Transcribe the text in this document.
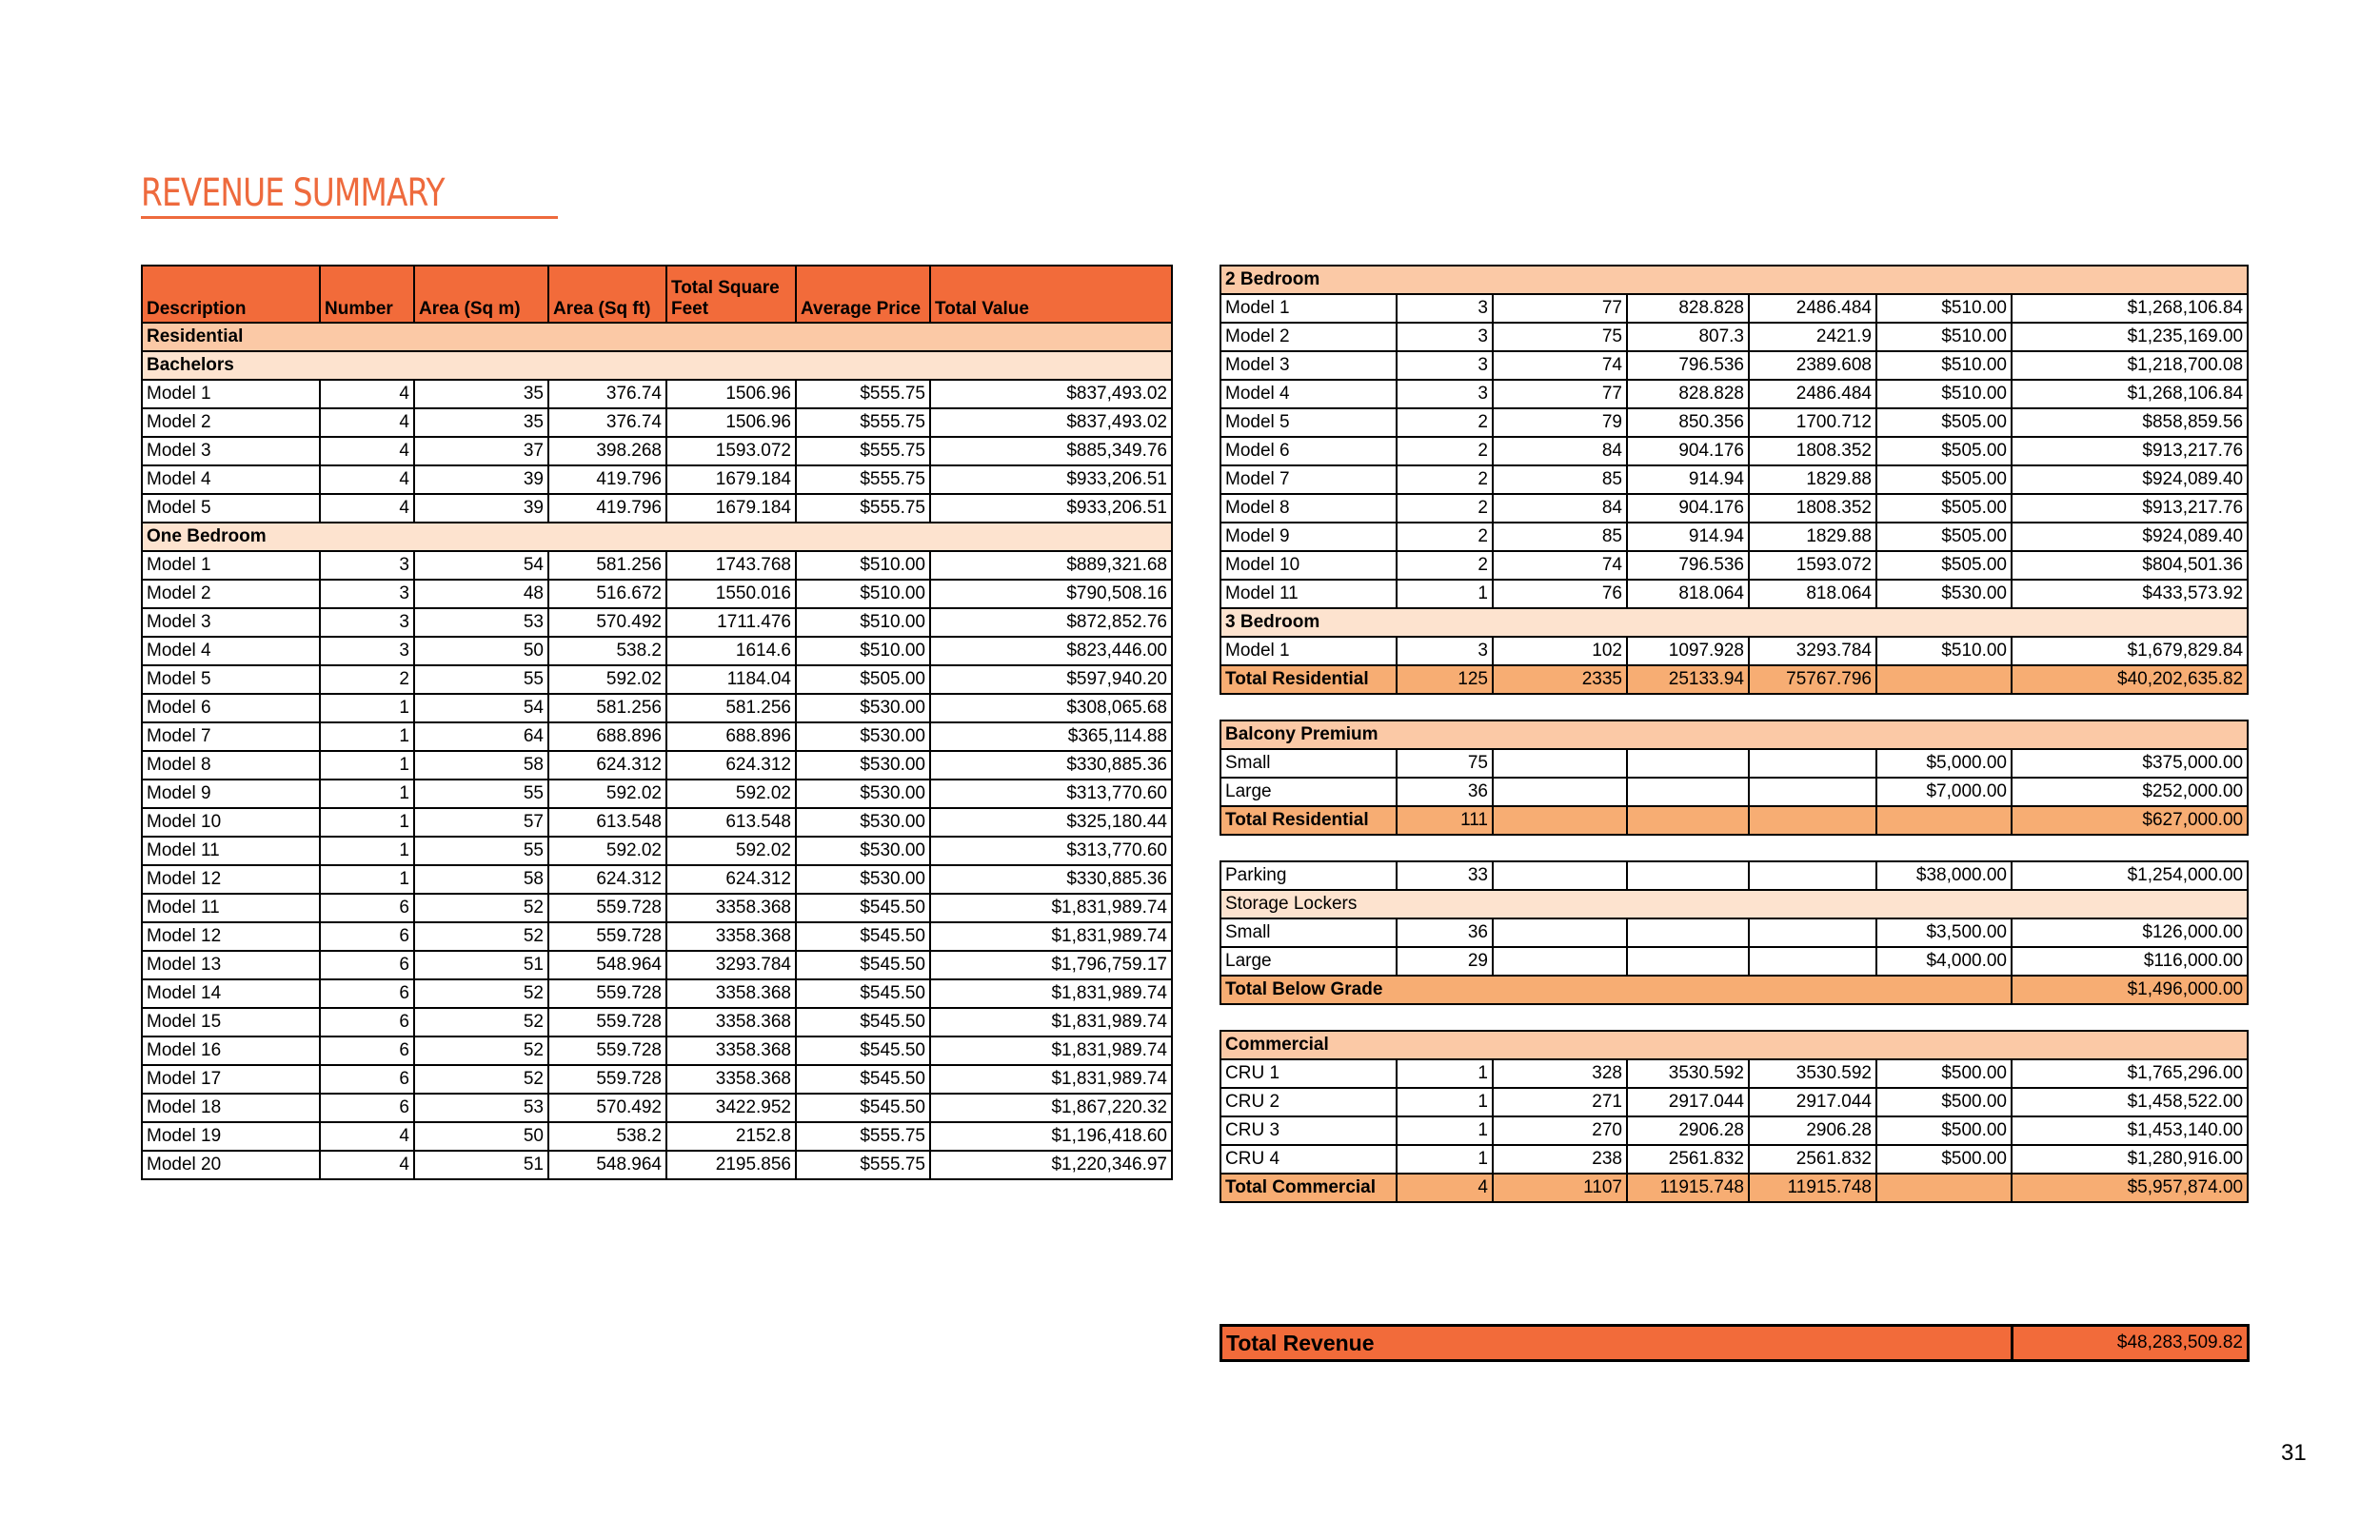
REVENUE SUMMARY
Description	Number	Area (Sq m)	Area (Sq ft)	Total Square Feet	Average Price	Total Value
Residential						
Bachelors						
Model 1	4	35	376.74	1506.96	$555.75	$837,493.02
Model 2	4	35	376.74	1506.96	$555.75	$837,493.02
Model 3	4	37	398.268	1593.072	$555.75	$885,349.76
Model 4	4	39	419.796	1679.184	$555.75	$933,206.51
Model 5	4	39	419.796	1679.184	$555.75	$933,206.51
One Bedroom						
Model 1	3	54	581.256	1743.768	$510.00	$889,321.68
Model 2	3	48	516.672	1550.016	$510.00	$790,508.16
Model 3	3	53	570.492	1711.476	$510.00	$872,852.76
Model 4	3	50	538.2	1614.6	$510.00	$823,446.00
Model 5	2	55	592.02	1184.04	$505.00	$597,940.20
Model 6	1	54	581.256	581.256	$530.00	$308,065.68
Model 7	1	64	688.896	688.896	$530.00	$365,114.88
Model 8	1	58	624.312	624.312	$530.00	$330,885.36
Model 9	1	55	592.02	592.02	$530.00	$313,770.60
Model 10	1	57	613.548	613.548	$530.00	$325,180.44
Model 11	1	55	592.02	592.02	$530.00	$313,770.60
Model 12	1	58	624.312	624.312	$530.00	$330,885.36
Model 11	6	52	559.728	3358.368	$545.50	$1,831,989.74
Model 12	6	52	559.728	3358.368	$545.50	$1,831,989.74
Model 13	6	51	548.964	3293.784	$545.50	$1,796,759.17
Model 14	6	52	559.728	3358.368	$545.50	$1,831,989.74
Model 15	6	52	559.728	3358.368	$545.50	$1,831,989.74
Model 16	6	52	559.728	3358.368	$545.50	$1,831,989.74
Model 17	6	52	559.728	3358.368	$545.50	$1,831,989.74
Model 18	6	53	570.492	3422.952	$545.50	$1,867,220.32
Model 19	4	50	538.2	2152.8	$555.75	$1,196,418.60
Model 20	4	51	548.964	2195.856	$555.75	$1,220,346.97
2 Bedroom						
Model 1	3	77	828.828	2486.484	$510.00	$1,268,106.84
Model 2	3	75	807.3	2421.9	$510.00	$1,235,169.00
Model 3	3	74	796.536	2389.608	$510.00	$1,218,700.08
Model 4	3	77	828.828	2486.484	$510.00	$1,268,106.84
Model 5	2	79	850.356	1700.712	$505.00	$858,859.56
Model 6	2	84	904.176	1808.352	$505.00	$913,217.76
Model 7	2	85	914.94	1829.88	$505.00	$924,089.40
Model 8	2	84	904.176	1808.352	$505.00	$913,217.76
Model 9	2	85	914.94	1829.88	$505.00	$924,089.40
Model 10	2	74	796.536	1593.072	$505.00	$804,501.36
Model 11	1	76	818.064	818.064	$530.00	$433,573.92
3 Bedroom						
Model 1	3	102	1097.928	3293.784	$510.00	$1,679,829.84
Total Residential	125	2335	25133.94	75767.796		$40,202,635.82

Balcony Premium						
Small	75				$5,000.00	$375,000.00
Large	36				$7,000.00	$252,000.00
Total Residential	111					$627,000.00

Parking	33				$38,000.00	$1,254,000.00
Storage Lockers						
Small	36				$3,500.00	$126,000.00
Large	29				$4,000.00	$116,000.00
Total Below Grade						$1,496,000.00

Commercial						
CRU 1	1	328	3530.592	3530.592	$500.00	$1,765,296.00
CRU 2	1	271	2917.044	2917.044	$500.00	$1,458,522.00
CRU 3	1	270	2906.28	2906.28	$500.00	$1,453,140.00
CRU 4	1	238	2561.832	2561.832	$500.00	$1,280,916.00
Total Commercial	4	1107	11915.748	11915.748		$5,957,874.00
Total Revenue	$48,283,509.82
31
